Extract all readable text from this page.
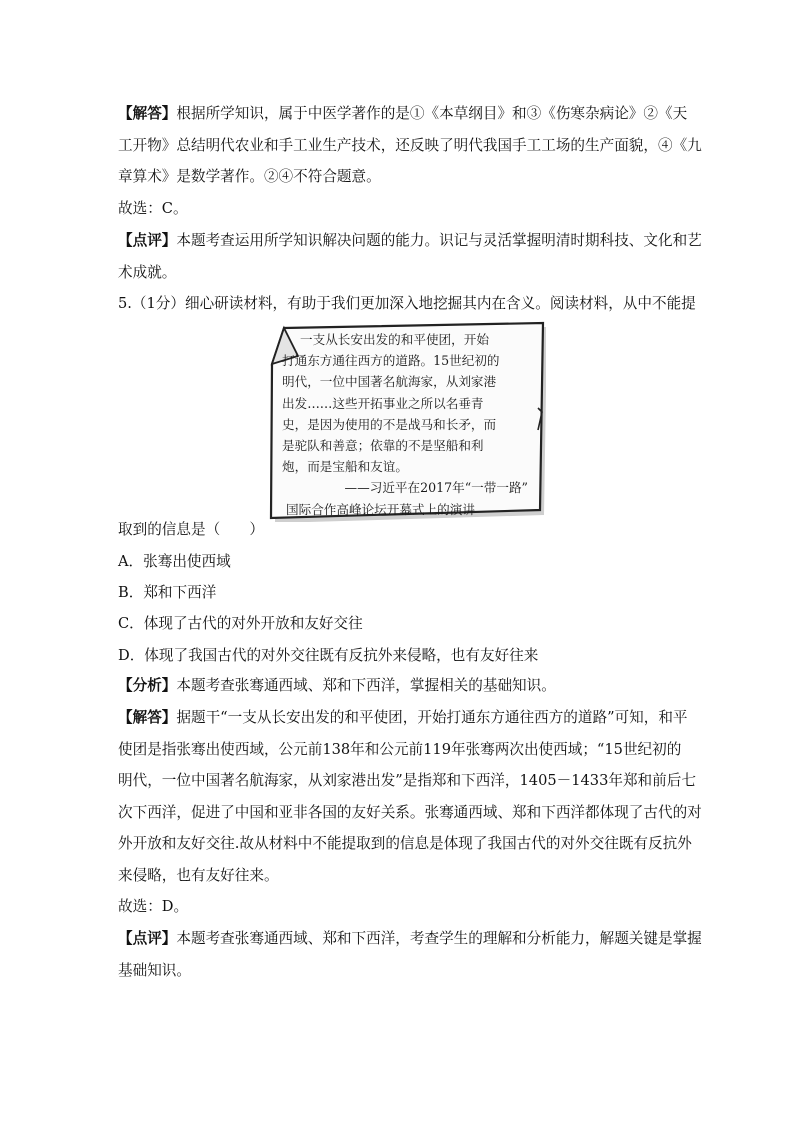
【解答】根据所学知识，属于中医学著作的是①《本草纲目》和③《伤寒杂病论》②《天
工开物》总结明代农业和手工业生产技术，还反映了明代我国手工工场的生产面貌，④《九
章算术》是数学著作。②④不符合题意。
故选：C。
【点评】本题考查运用所学知识解决问题的能力。识记与灵活掌握明清时期科技、文化和艺
术成就。
5.（1分）细心研读材料，有助于我们更加深入地挖掘其内在含义。阅读材料，从中不能提
一支从长安出发的和平使团，开始
打通东方通往西方的道路。15世纪初的
明代，一位中国著名航海家，从刘家港
出发……这些开拓事业之所以名垂青
史，是因为使用的不是战马和长矛，而
是驼队和善意；依靠的不是坚船和利
炮，而是宝船和友谊。
——习近平在2017年“一带一路”
国际合作高峰论坛开幕式上的演讲
取到的信息是（　　）
A．张骞出使西域
B．郑和下西洋
C．体现了古代的对外开放和友好交往
D．体现了我国古代的对外交往既有反抗外来侵略，也有友好往来
【分析】本题考查张骞通西域、郑和下西洋，掌握相关的基础知识。
【解答】据题干“一支从长安出发的和平使团，开始打通东方通往西方的道路”可知，和平
使团是指张骞出使西域，公元前138年和公元前119年张骞两次出使西域；“15世纪初的
明代，一位中国著名航海家，从刘家港出发”是指郑和下西洋，1405－1433年郑和前后七
次下西洋，促进了中国和亚非各国的友好关系。张骞通西域、郑和下西洋都体现了古代的对
外开放和友好交往.故从材料中不能提取到的信息是体现了我国古代的对外交往既有反抗外
来侵略，也有友好往来。
故选：D。
【点评】本题考查张骞通西域、郑和下西洋，考查学生的理解和分析能力，解题关键是掌握
基础知识。
